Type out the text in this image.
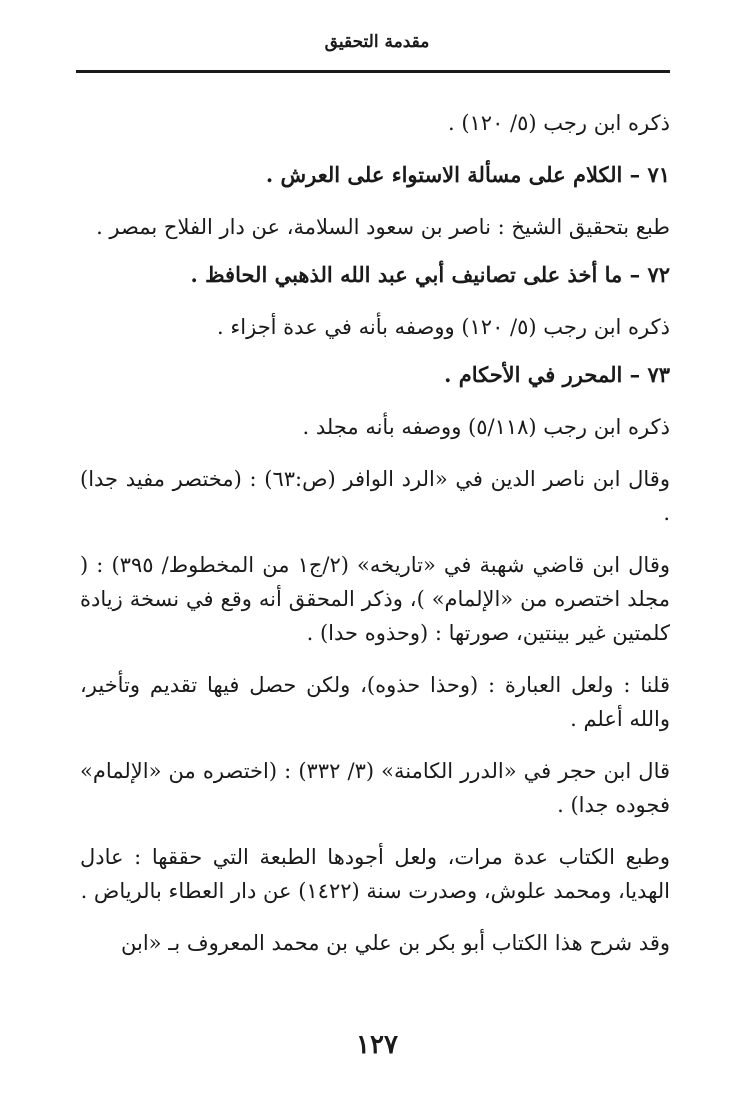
مقدمة التحقيق

ذكره ابن رجب (٥/ ١٢٠) .

٧١ – الكلام على مسألة الاستواء على العرش .

طبع بتحقيق الشيخ : ناصر بن سعود السلامة، عن دار الفلاح بمصر .

٧٢ – ما أخذ على تصانيف أبي عبد الله الذهبي الحافظ .

ذكره ابن رجب (٥/ ١٢٠) ووصفه بأنه في عدة أجزاء .

٧٣ – المحرر في الأحكام .

ذكره ابن رجب (٥/١١٨) ووصفه بأنه مجلد .

وقال ابن ناصر الدين في «الرد الوافر (ص:٦٣) : (مختصر مفيد جدا) .

وقال ابن قاضي شهبة في «تاريخه» (٢/ج١ من المخطوط/ ٣٩٥) : ( مجلد اختصره من «الإلمام» )، وذكر المحقق أنه وقع في نسخة زيادة كلمتين غير بينتين، صورتها : (وحذوه حدا) .

قلنا : ولعل العبارة : (وحذا حذوه)، ولكن حصل فيها تقديم وتأخير، والله أعلم .

قال ابن حجر في «الدرر الكامنة» (٣/ ٣٣٢) : (اختصره من «الإلمام» فجوده جدا) .

وطبع الكتاب عدة مرات، ولعل أجودها الطبعة التي حققها : عادل الهديا، ومحمد علوش، وصدرت سنة (١٤٢٢) عن دار العطاء بالرياض .

وقد شرح هذا الكتاب أبو بكر بن علي بن محمد المعروف بـ «ابن

١٢٧
